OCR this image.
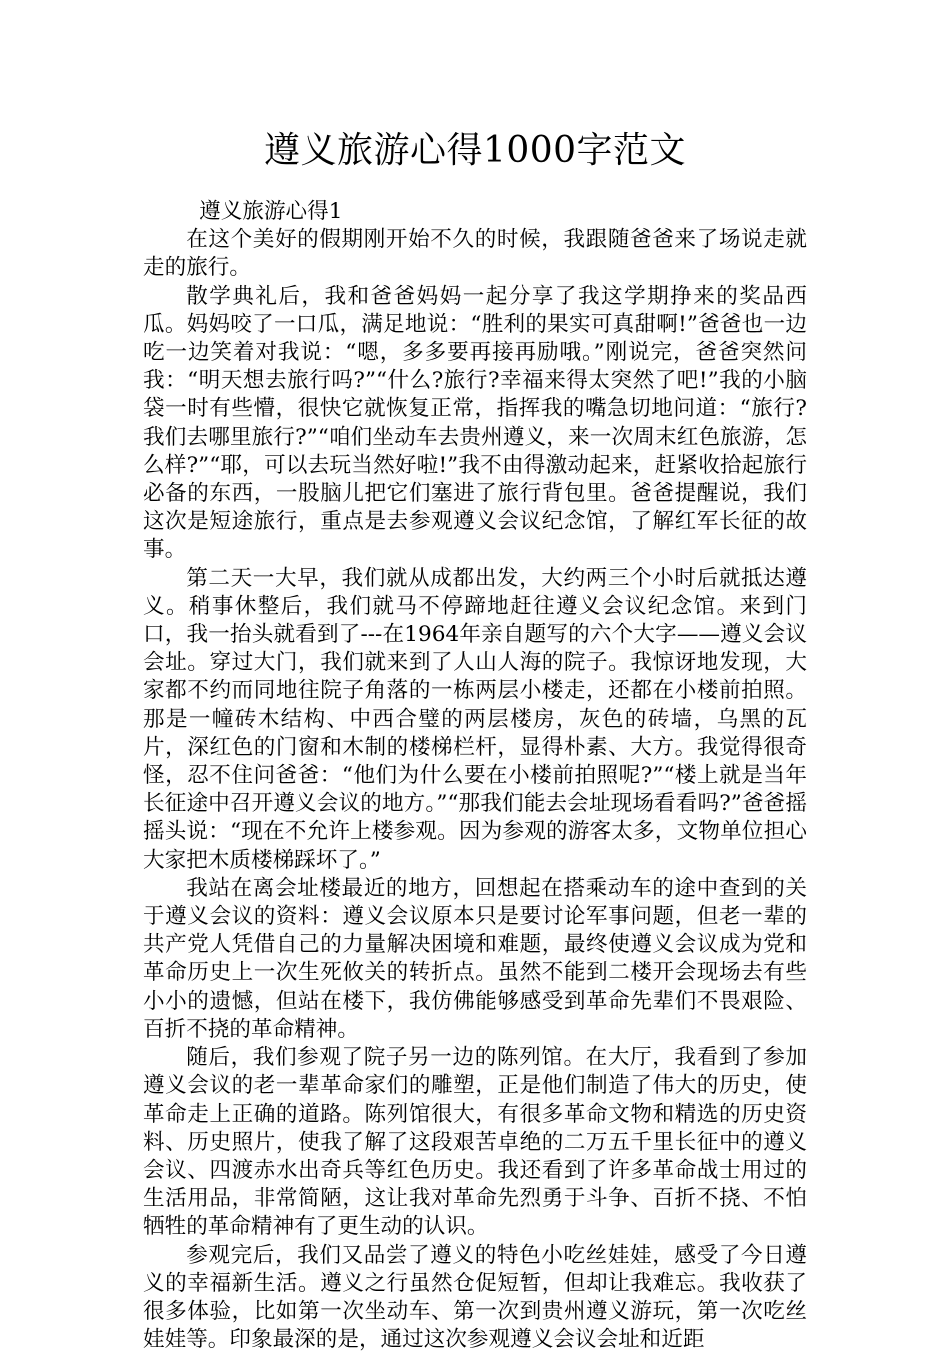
遵义旅游心得1000字范文

遵义旅游心得1

在这个美好的假期刚开始不久的时候，我跟随爸爸来了场说走就走的旅行。

散学典礼后，我和爸爸妈妈一起分享了我这学期挣来的奖品西瓜。妈妈咬了一口瓜，满足地说：“胜利的果实可真甜啊!”爸爸也一边吃一边笑着对我说：“嗯，多多要再接再励哦。”刚说完，爸爸突然问我：“明天想去旅行吗?”“什么?旅行?幸福来得太突然了吧!”我的小脑袋一时有些懵，很快它就恢复正常，指挥我的嘴急切地问道：“旅行?我们去哪里旅行?”“咱们坐动车去贵州遵义，来一次周末红色旅游，怎么样?”“耶，可以去玩当然好啦!”我不由得激动起来，赶紧收拾起旅行必备的东西，一股脑儿把它们塞进了旅行背包里。爸爸提醒说，我们这次是短途旅行，重点是去参观遵义会议纪念馆，了解红军长征的故事。

第二天一大早，我们就从成都出发，大约两三个小时后就抵达遵义。稍事休整后，我们就马不停蹄地赶往遵义会议纪念馆。来到门口，我一抬头就看到了---在1964年亲自题写的六个大字——遵义会议会址。穿过大门，我们就来到了人山人海的院子。我惊讶地发现，大家都不约而同地往院子角落的一栋两层小楼走，还都在小楼前拍照。那是一幢砖木结构、中西合璧的两层楼房，灰色的砖墙，乌黑的瓦片，深红色的门窗和木制的楼梯栏杆，显得朴素、大方。我觉得很奇怪，忍不住问爸爸：“他们为什么要在小楼前拍照呢?”“楼上就是当年长征途中召开遵义会议的地方。”“那我们能去会址现场看看吗?”爸爸摇摇头说：“现在不允许上楼参观。因为参观的游客太多，文物单位担心大家把木质楼梯踩坏了。”

我站在离会址楼最近的地方，回想起在搭乘动车的途中查到的关于遵义会议的资料：遵义会议原本只是要讨论军事问题，但老一辈的共产党人凭借自己的力量解决困境和难题，最终使遵义会议成为党和革命历史上一次生死攸关的转折点。虽然不能到二楼开会现场去有些小小的遗憾，但站在楼下，我仿佛能够感受到革命先辈们不畏艰险、百折不挠的革命精神。

随后，我们参观了院子另一边的陈列馆。在大厅，我看到了参加遵义会议的老一辈革命家们的雕塑，正是他们制造了伟大的历史，使革命走上正确的道路。陈列馆很大，有很多革命文物和精选的历史资料、历史照片，使我了解了这段艰苦卓绝的二万五千里长征中的遵义会议、四渡赤水出奇兵等红色历史。我还看到了许多革命战士用过的生活用品，非常简陋，这让我对革命先烈勇于斗争、百折不挠、不怕牺牲的革命精神有了更生动的认识。

参观完后，我们又品尝了遵义的特色小吃丝娃娃，感受了今日遵义的幸福新生活。遵义之行虽然仓促短暂，但却让我难忘。我收获了很多体验，比如第一次坐动车、第一次到贵州遵义游玩，第一次吃丝娃娃等。印象最深的是，通过这次参观遵义会议会址和近距
